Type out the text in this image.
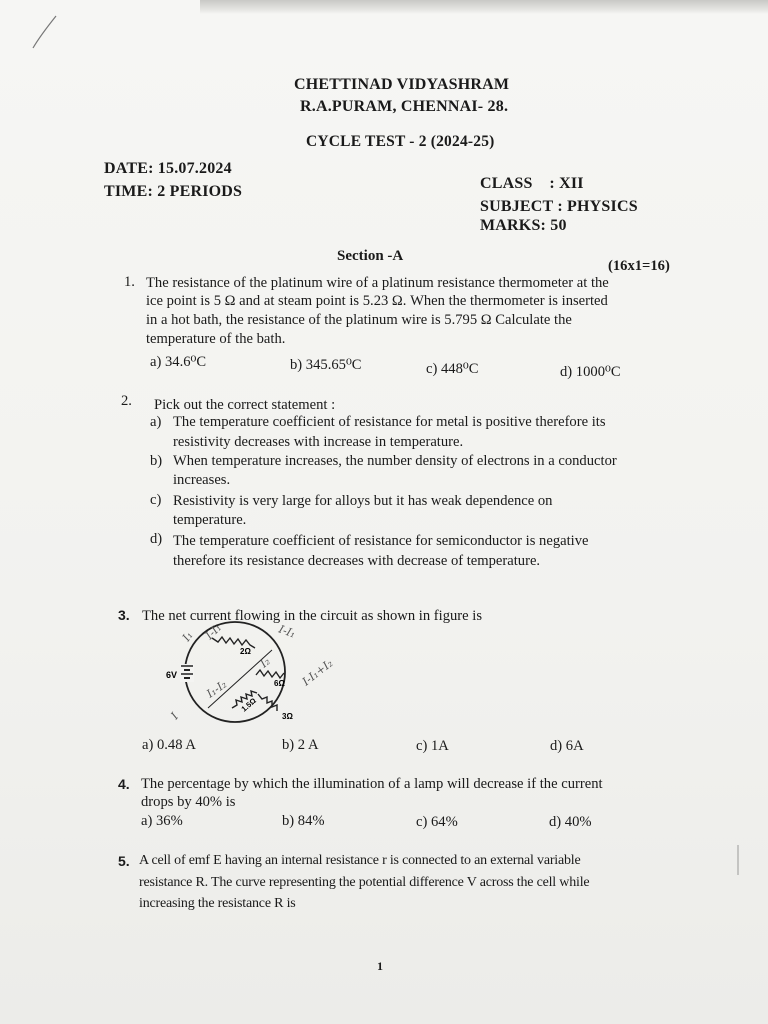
CHETTINAD VIDYASHRAM
R.A.PURAM, CHENNAI- 28.
CYCLE TEST - 2 (2024-25)
DATE: 15.07.2024
TIME: 2 PERIODS	CLASS    : XII
SUBJECT : PHYSICS
MARKS: 50
Section -A
(16x1=16)
1. The resistance of the platinum wire of a platinum resistance thermometer at the
ice point is 5 Ω and at steam point is 5.23 Ω. When the thermometer is inserted
in a hot bath, the resistance of the platinum wire is 5.795 Ω Calculate the
temperature of the bath.
a) 34.6⁰C	b) 345.65⁰C	c) 448⁰C	d) 1000⁰C
2. Pick out the correct statement :
a) The temperature coefficient of resistance for metal is positive therefore its
resistivity decreases with increase in temperature.
b) When temperature increases, the number density of electrons in a conductor
increases.
c) Resistivity is very large for alloys but it has weak dependence on
temperature.
d) The temperature coefficient of resistance for semiconductor is negative
therefore its resistance decreases with decrease of temperature.
3. The net current flowing in the circuit as shown in figure is
6V
2Ω
6Ω
1.5Ω
3Ω
I₁ I-I₁	I-I₁
I₂ I-I₁+I₂
I₁-I₂
I
a) 0.48 A	b) 2 A	c) 1A	d) 6A
4. The percentage by which the illumination of a lamp will decrease if the current
drops by 40% is
a) 36%	b) 84%	c) 64%	d) 40%
5. A cell of emf E having an internal resistance r is connected to an external variable
resistance R. The curve representing the potential difference V across the cell while
increasing the resistance R is
1
